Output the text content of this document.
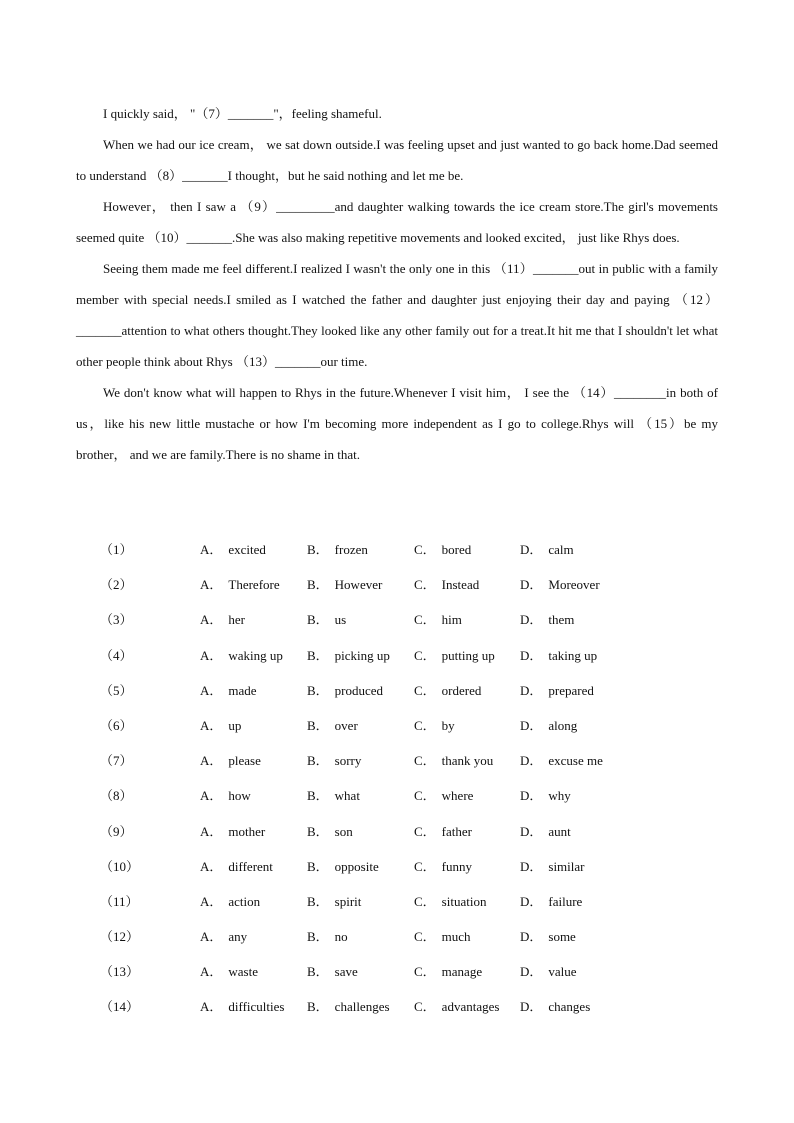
I quickly said， "（7）_______"，feeling shameful.

When we had our ice cream， we sat down outside.I was feeling upset and just wanted to go back home.Dad seemed to understand （8）_______I thought，but he said nothing and let me be.

However， then I saw a （9）_________and daughter walking towards the ice cream store.The girl's movements seemed quite （10）_______.She was also making repetitive movements and looked excited， just like Rhys does.

Seeing them made me feel different.I realized I wasn't the only one in this （11）_______out in public with a family member with special needs.I smiled as I watched the father and daughter just enjoying their day and paying （12）_______attention to what others thought.They looked like any other family out for a treat.It hit me that I shouldn't let what other people think about Rhys （13）_______our time.

We don't know what will happen to Rhys in the future.Whenever I visit him， I see the （14）________in both of us，like his new little mustache or how I'm becoming more independent as I go to college.Rhys will （15）be my brother， and we are family.There is no shame in that.

（1）	A． excited	B． frozen	C． bored	D． calm
（2）	A． Therefore B． However C． Instead	D． Moreover
（3）	A． her	B． us	C． him	D． them
（4）	A． waking up B． picking up C． putting up D． taking up
（5）	A． made	B． produced C． ordered	D． prepared
（6）	A． up	B． over	C． by	D． along
（7）	A． please	B． sorry	C． thank you D． excuse me
（8）	A． how	B． what	C． where	D． why
（9）	A． mother	B． son	C． father	D． aunt
（10）	A． different	B． opposite	C． funny	D． similar
（11）	A． action	B． spirit	C． situation	D． failure
（12）	A． any	B． no	C． much	D． some
（13）	A． waste	B． save	C． manage	D． value
（14）	A． difficulties B． challenges C． advantages D． changes
